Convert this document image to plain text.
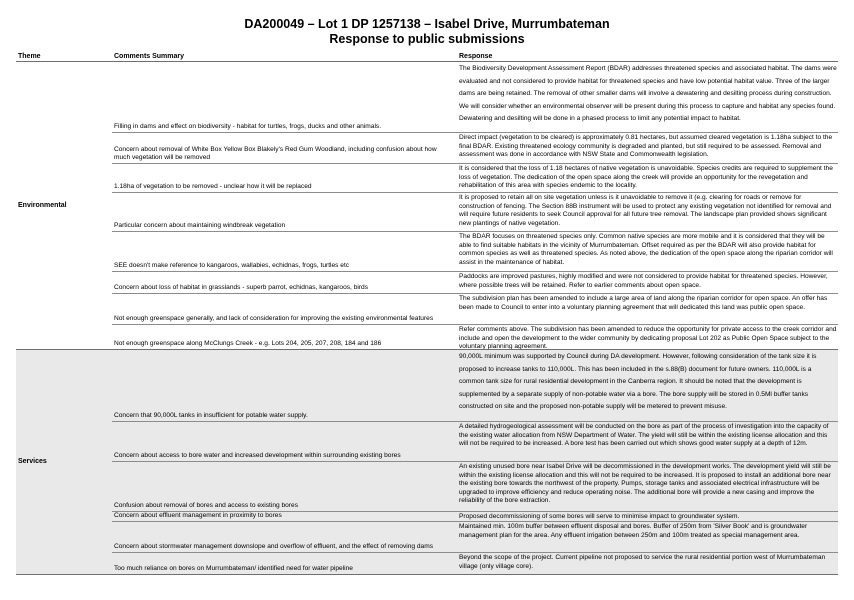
DA200049 – Lot 1 DP 1257138 – Isabel Drive, Murrumbateman
Response to public submissions
Theme	Comments Summary	Response
Environmental
The Biodiversity Development Assessment Report (BDAR) addresses threatened species and associated habitat. The dams were evaluated and not considered to provide habitat for threatened species and have low potential habitat value. Three of the larger dams are being retained. The removal of other smaller dams will involve a dewatering and desilting process during construction. We will consider whether an environmental observer will be present during this process to capture and habitat any species found. Dewatering and desilting will be done in a phased process to limit any potential impact to habitat.
Filling in dams and effect on biodiversity - habitat for turtles, frogs, ducks and other animals.
Direct impact (vegetation to be cleared) is approximately 0.81 hectares, but assumed cleared vegetation is 1.18ha subject to the final BDAR. Existing threatened ecology community is degraded and planted, but still required to be assessed. Removal and assessment was done in accordance with NSW State and Commonwealth legislation.
Concern about removal of White Box Yellow Box Blakely's Red Gum Woodland, including confusion about how much vegetation will be removed
It is considered that the loss of 1.18 hectares of native vegetation is unavoidable. Species credits are required to supplement the loss of vegetation. The dedication of the open space along the creek will provide an opportunity for the revegetation and rehabilitation of this area with species endemic to the locality.
1.18ha of vegetation to be removed - unclear how it will be replaced
It is proposed to retain all on site vegetation unless is it unavoidable to remove it (e.g. clearing for roads or remove for construction of fencing. The Section 88B instrument will be used to protect any existing vegetation not identified for removal and will require future residents to seek Council approval for all future tree removal. The landscape plan provided shows significant new plantings of native vegetation.
Particular concern about maintaining windbreak vegetation
The BDAR focuses on threatened species only. Common native species are more mobile and it is considered that they will be able to find suitable habitats in the vicinity of Murrumbateman. Offset required as per the BDAR will also provide habitat for common species as well as threatened species. As noted above, the dedication of the open space along the riparian corridor will assist in the maintenance of habitat.
SEE doesn't make reference to kangaroos, wallabies, echidnas, frogs, turtles etc
Paddocks are improved pastures, highly modified and were not considered to provide habitat for threatened species. However, where possible trees will be retained. Refer to earlier comments about open space.
Concern about loss of habitat in grasslands - superb parrot, echidnas, kangaroos, birds
The subdivision plan has been amended to include a large area of land along the riparian corridor for open space. An offer has been made to Council to enter into a voluntary planning agreement that will dedicated this land was public open space.
Not enough greenspace generally, and lack of consideration for improving the existing environmental features
Refer comments above. The subdivision has been amended to reduce the opportunity for private access to the creek corridor and include and open the development to the wider community by dedicating proposal Lot 202 as Public Open Space subject to the voluntary planning agreement.
Not enough greenspace along McClungs Creek - e.g. Lots 204, 205, 207, 208, 184 and 186
Services
90,000L minimum was supported by Council during DA development. However, following consideration of the tank size it is proposed to increase tanks to 110,000L. This has been included in the s.88(B) document for future owners. 110,000L is a common tank size for rural residential development in the Canberra region. It should be noted that the development is supplemented by a separate supply of non-potable water via a bore. The bore supply will be stored in 0.5Ml buffer tanks constructed on site and the proposed non-potable supply will be metered to prevent misuse.
Concern that 90,000L tanks in insufficient for potable water supply.
A detailed hydrogeological assessment will be conducted on the bore as part of the process of investigation into the capacity of the existing water allocation from NSW Department of Water. The yield will still be within the existing license allocation and this will not be required to be increased. A bore test has been carried out which shows good water supply at a depth of 12m.
Concern about access to bore water and increased development within surrounding existing bores
An existing unused bore near Isabel Drive will be decommissioned in the development works. The development yield will still be within the existing license allocation and this will not be required to be increased. It is proposed to install an additional bore near the existing bore towards the northwest of the property. Pumps, storage tanks and associated electrical infrastructure will be upgraded to improve efficiency and reduce operating noise. The additional bore will provide a new casing and improve the reliability of the bore extraction.
Confusion about removal of bores and access to existing bores
Proposed decommissioning of some bores will serve to minimise impact to groundwater system.
Concern about effluent management in proximity to bores
Maintained min. 100m buffer between effluent disposal and bores. Buffer of 250m from 'Silver Book' and is groundwater management plan for the area. Any effluent irrigation between 250m and 100m treated as special management area.
Concern about stormwater management downslope and overflow of effluent, and the effect of removing dams
Beyond the scope of the project. Current pipeline not proposed to service the rural residential portion west of Murrumbateman village (only village core).
Too much reliance on bores on Murrumbateman/ identified need for water pipeline
